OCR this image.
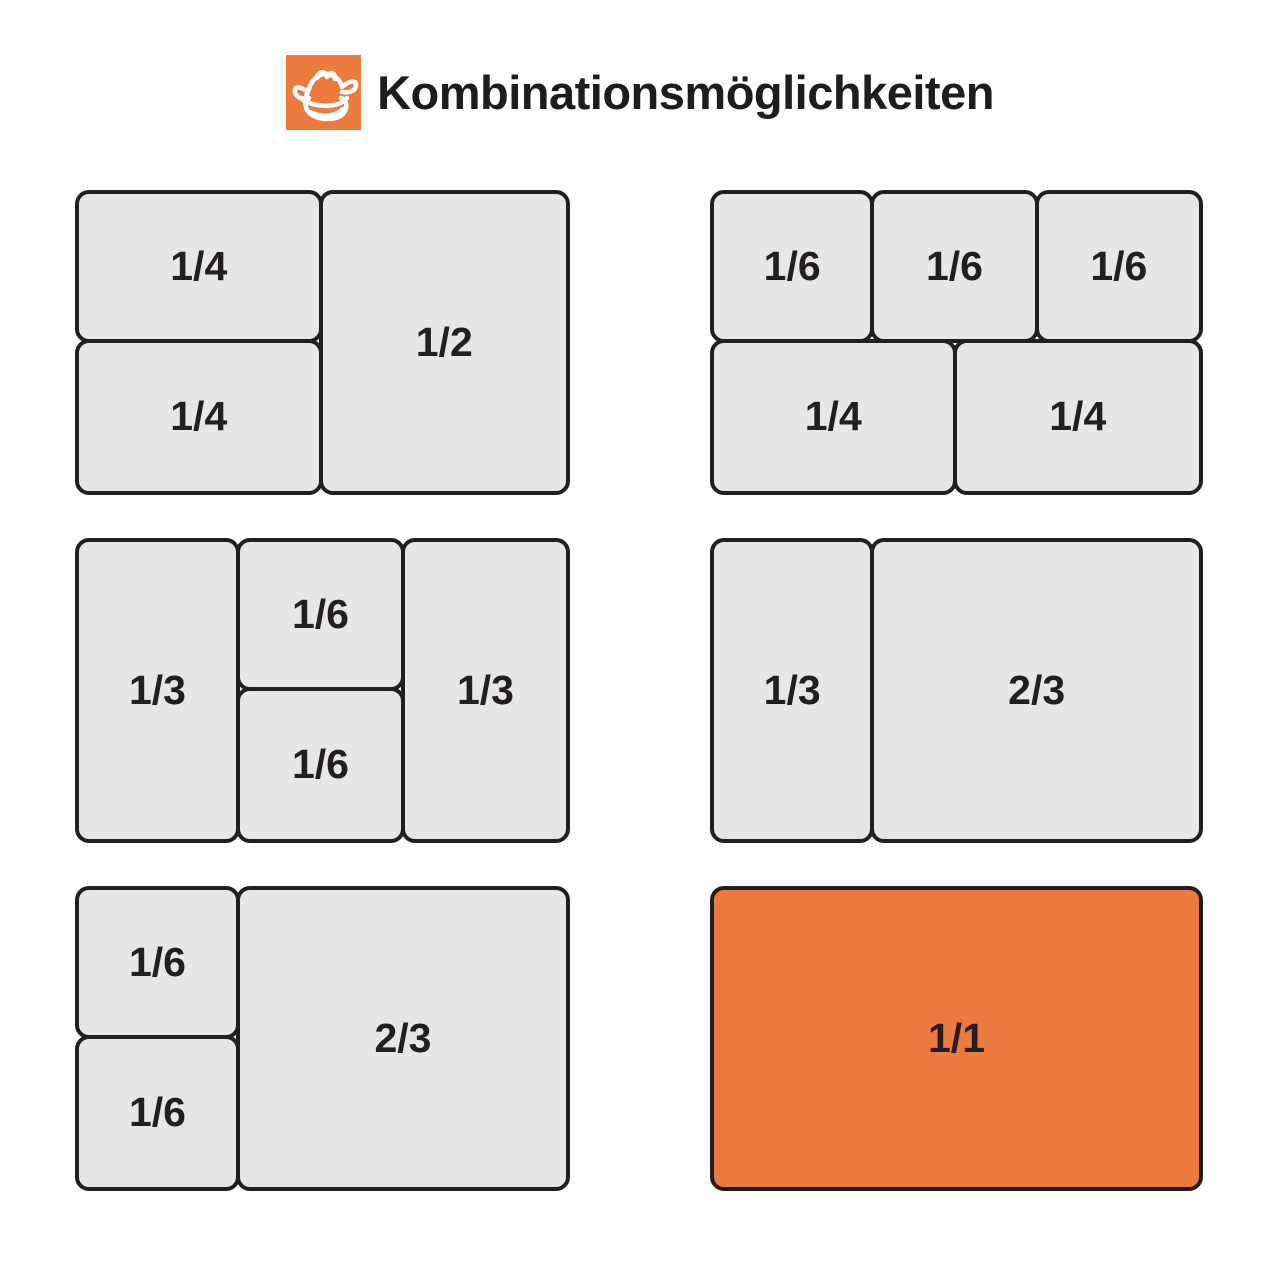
Kombinationsmöglichkeiten
1/4
1/4
1/2
1/6	1/6	1/6
1/4	1/4
1/3
1/6
1/6
1/3	1/3	2/3
1/6
1/6
2/3	1/1
